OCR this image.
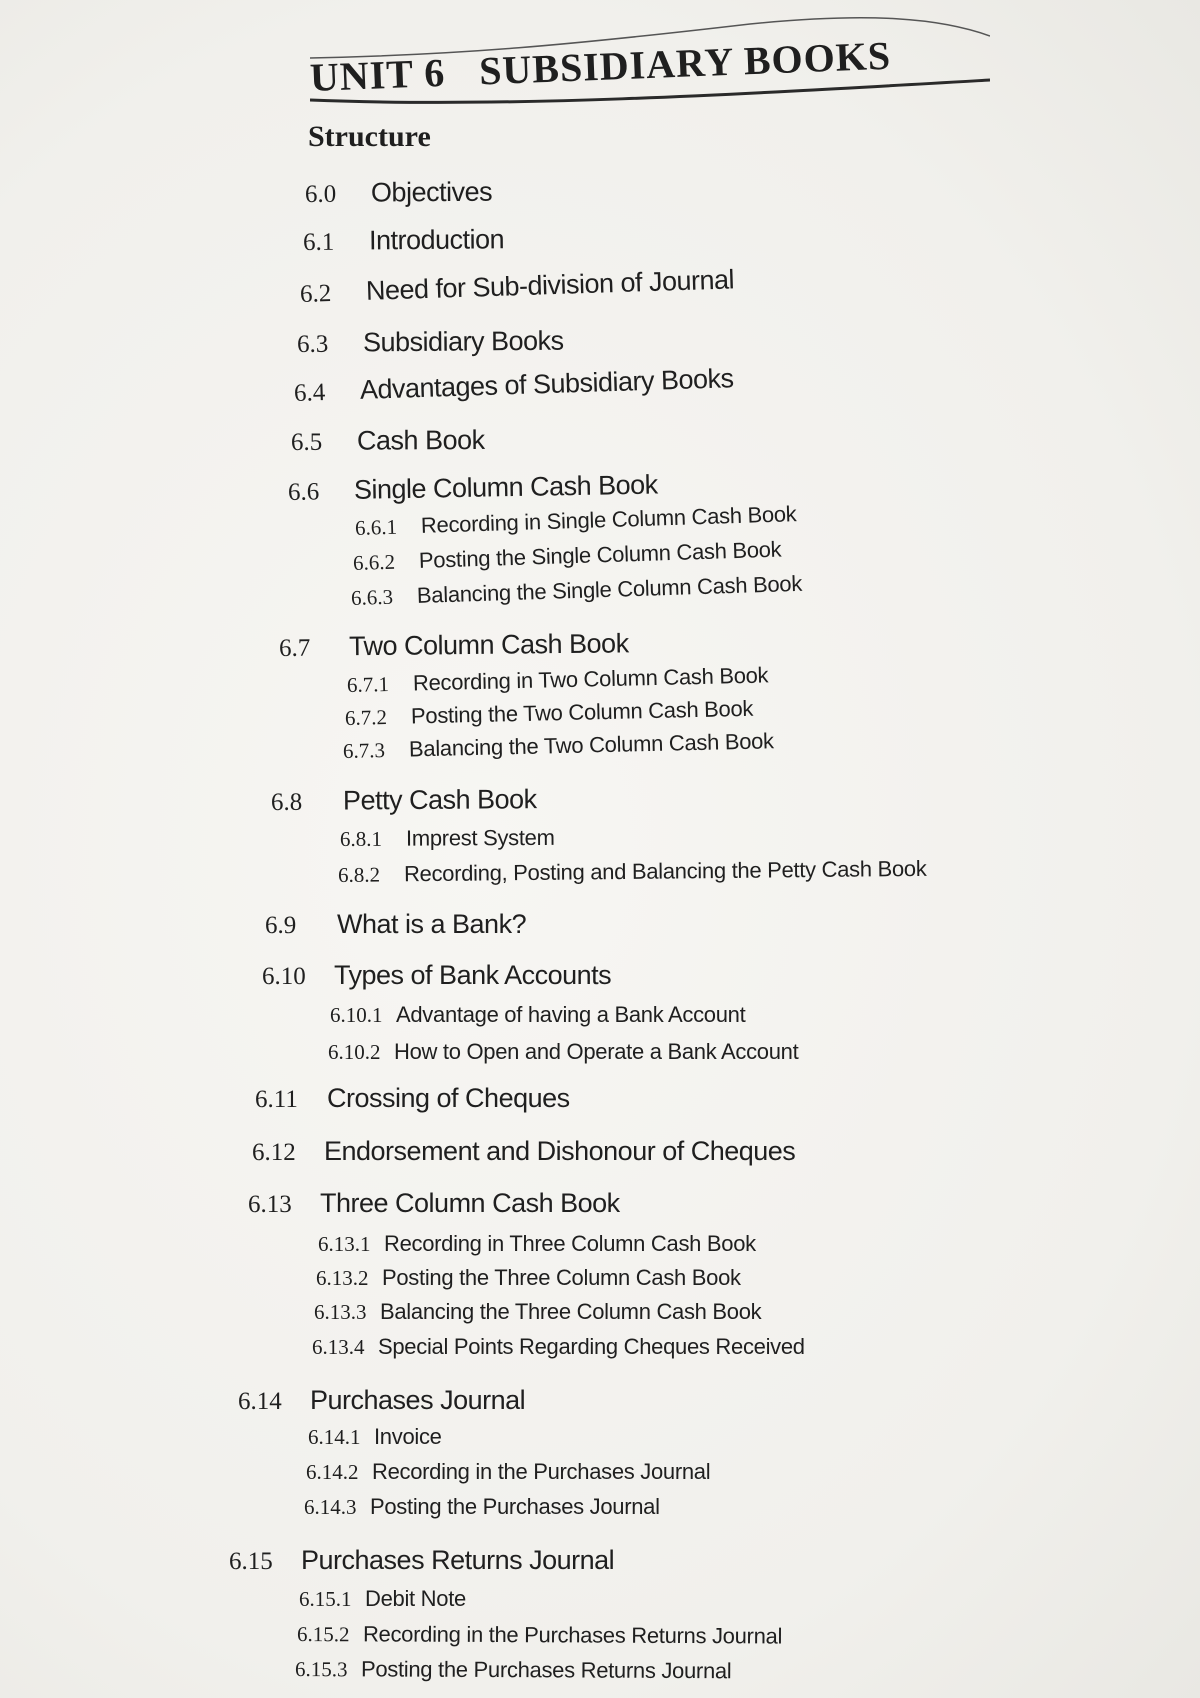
UNIT 6 SUBSIDIARY BOOKS
Structure
6.0 Objectives
6.1 Introduction
6.2 Need for Sub-division of Journal
6.3 Subsidiary Books
6.4 Advantages of Subsidiary Books
6.5 Cash Book
6.6 Single Column Cash Book
6.6.1 Recording in Single Column Cash Book
6.6.2 Posting the Single Column Cash Book
6.6.3 Balancing the Single Column Cash Book
6.7 Two Column Cash Book
6.7.1 Recording in Two Column Cash Book
6.7.2 Posting the Two Column Cash Book
6.7.3 Balancing the Two Column Cash Book
6.8 Petty Cash Book
6.8.1 Imprest System
6.8.2 Recording, Posting and Balancing the Petty Cash Book
6.9 What is a Bank?
6.10 Types of Bank Accounts
6.10.1 Advantage of having a Bank Account
6.10.2 How to Open and Operate a Bank Account
6.11 Crossing of Cheques
6.12 Endorsement and Dishonour of Cheques
6.13 Three Column Cash Book
6.13.1 Recording in Three Column Cash Book
6.13.2 Posting the Three Column Cash Book
6.13.3 Balancing the Three Column Cash Book
6.13.4 Special Points Regarding Cheques Received
6.14 Purchases Journal
6.14.1 Invoice
6.14.2 Recording in the Purchases Journal
6.14.3 Posting the Purchases Journal
6.15 Purchases Returns Journal
6.15.1 Debit Note
6.15.2 Recording in the Purchases Returns Journal
6.15.3 Posting the Purchases Returns Journal
